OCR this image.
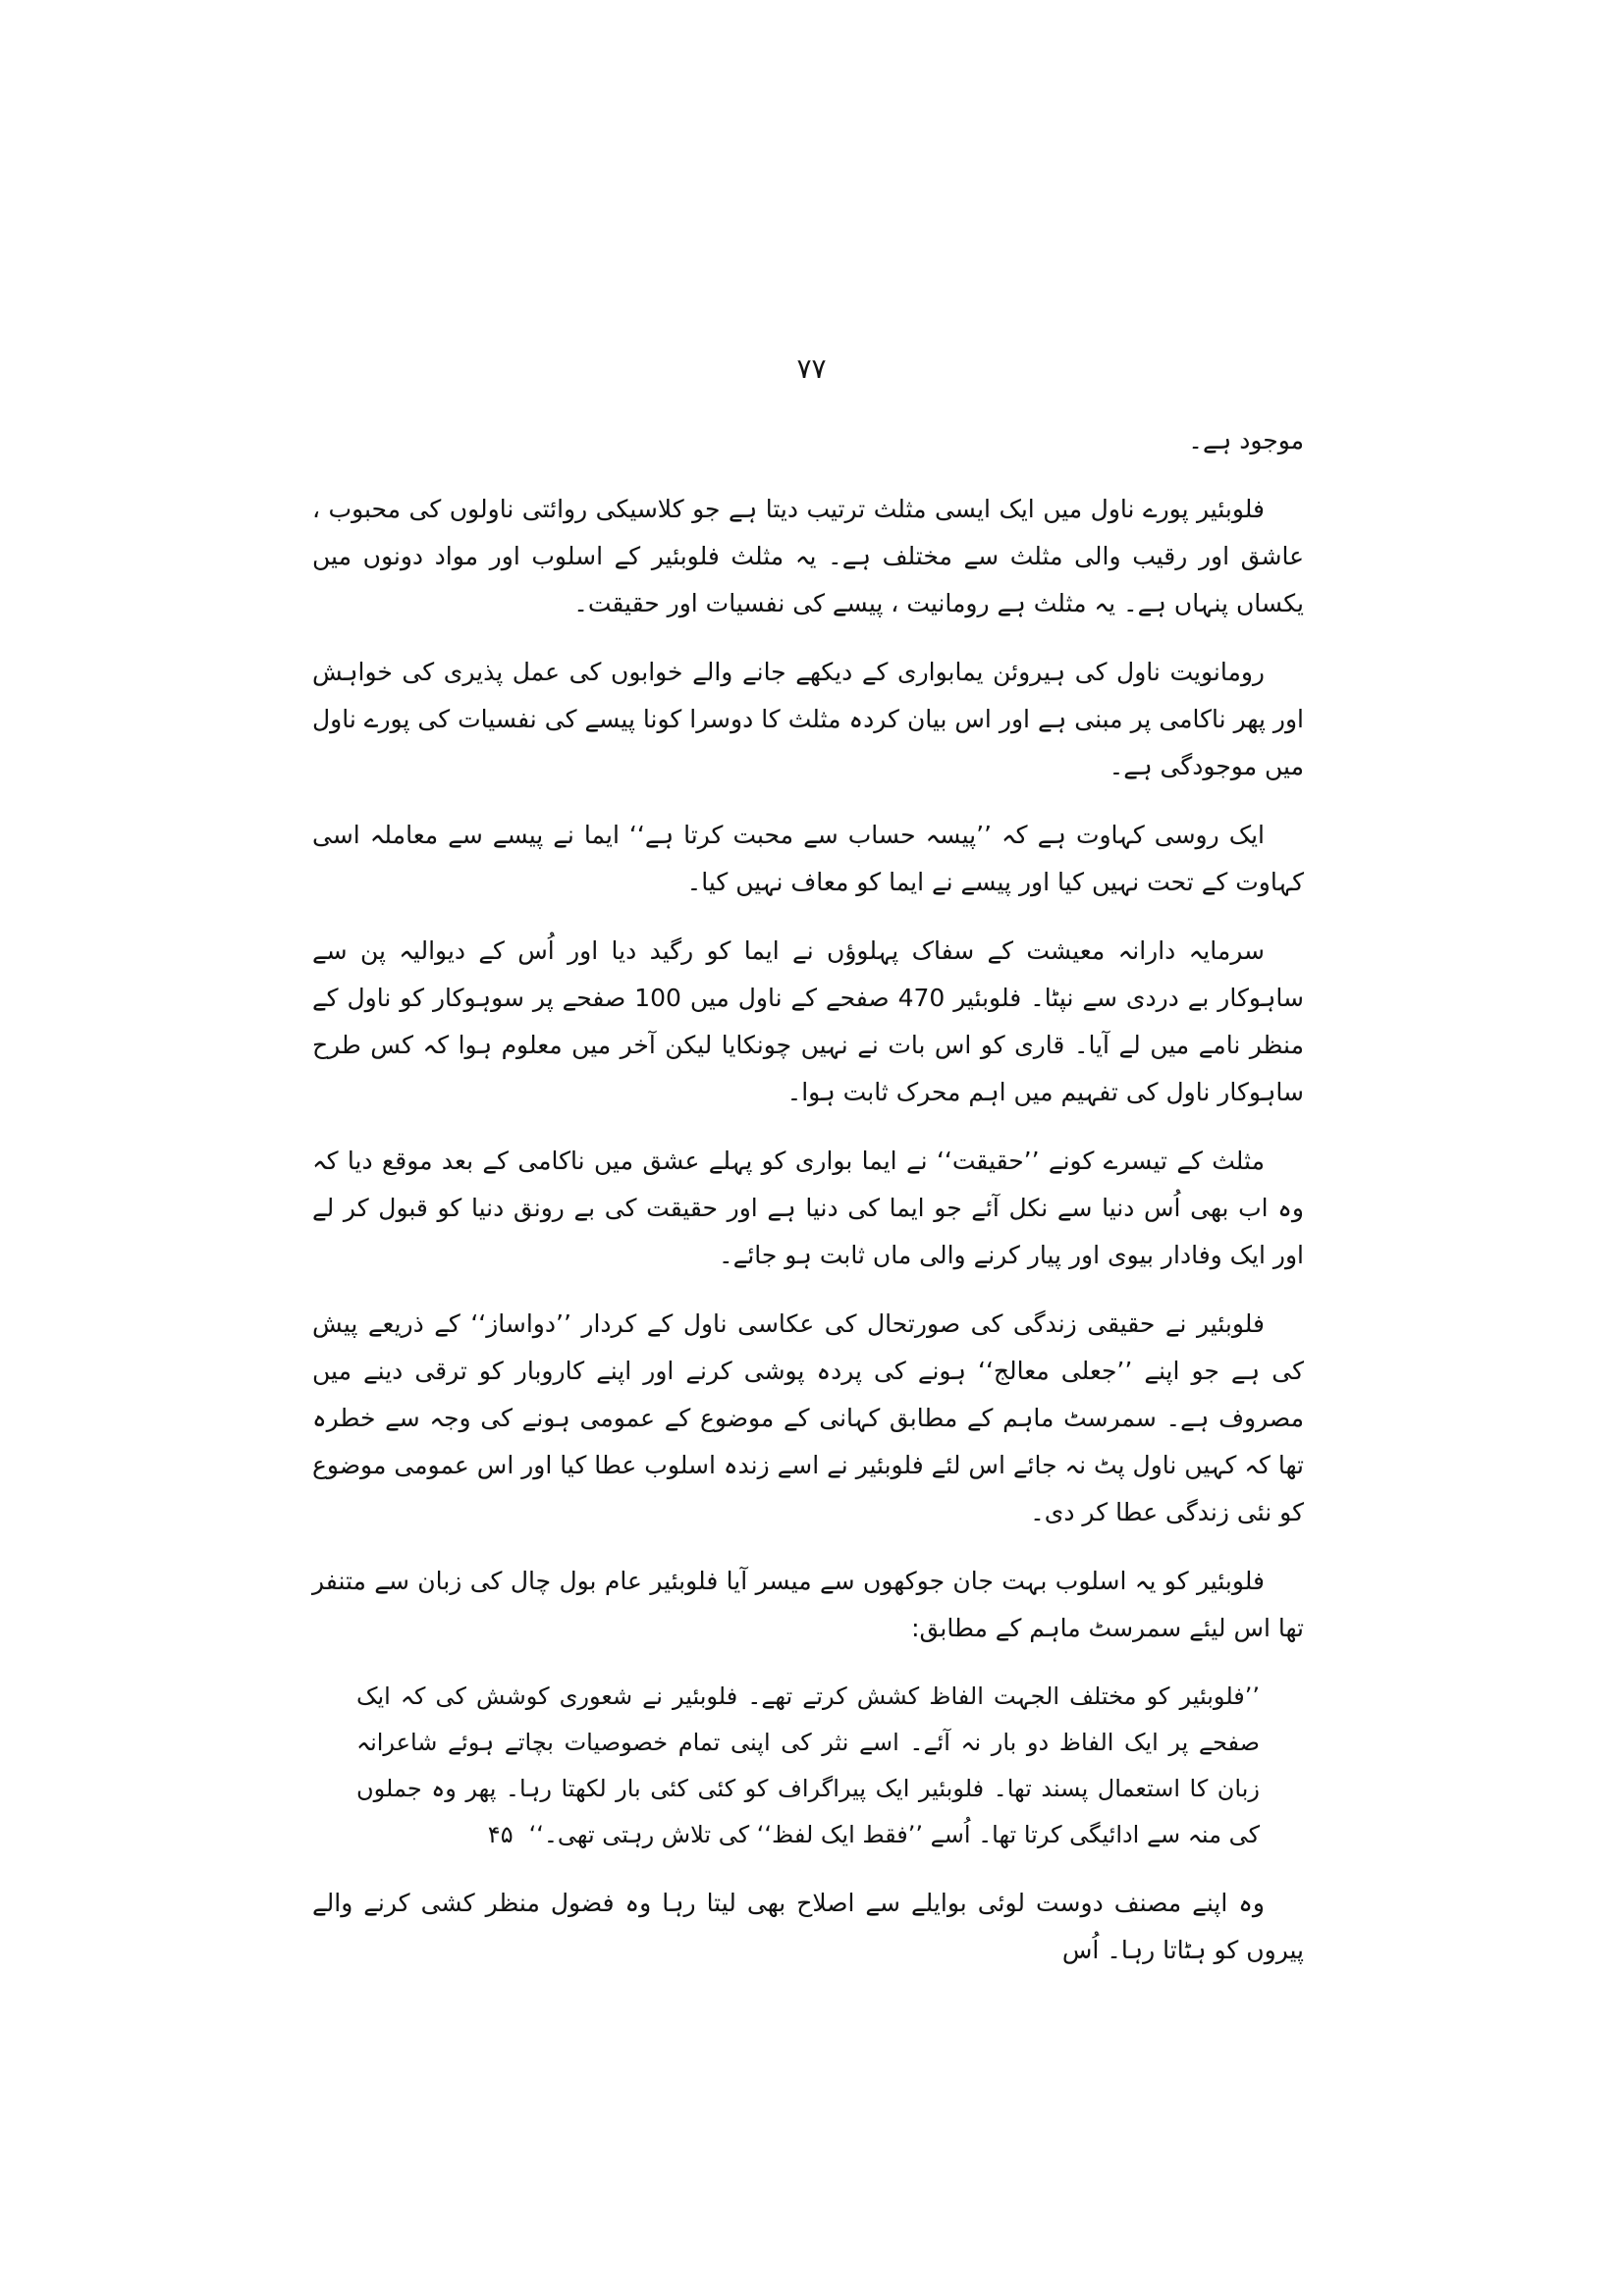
۷۷

موجود ہے۔

فلوبئیر پورے ناول میں ایک ایسی مثلث ترتیب دیتا ہے جو کلاسیکی روائتی ناولوں کی محبوب ، عاشق اور رقیب والی مثلث سے مختلف ہے۔ یہ مثلث فلوبئیر کے اسلوب اور مواد دونوں میں یکساں پنہاں ہے۔ یہ مثلث ہے رومانیت ، پیسے کی نفسیات اور حقیقت۔

رومانویت ناول کی ہیروئن یمابواری کے دیکھے جانے والے خوابوں کی عمل پذیری کی خواہش اور پھر ناکامی پر مبنی ہے اور اس بیان کردہ مثلث کا دوسرا کونا پیسے کی نفسیات کی پورے ناول میں موجودگی ہے۔

ایک روسی کہاوت ہے کہ ’’پیسہ حساب سے محبت کرتا ہے‘‘ ایما نے پیسے سے معاملہ اسی کہاوت کے تحت نہیں کیا اور پیسے نے ایما کو معاف نہیں کیا۔

سرمایہ دارانہ معیشت کے سفاک پہلوؤں نے ایما کو رگید دیا اور اُس کے دیوالیہ پن سے ساہوکار بے دردی سے نپٹا۔ فلوبئیر 470 صفحے کے ناول میں 100 صفحے پر سوہوکار کو ناول کے منظر نامے میں لے آیا۔ قاری کو اس بات نے نہیں چونکایا لیکن آخر میں معلوم ہوا کہ کس طرح ساہوکار ناول کی تفہیم میں اہم محرک ثابت ہوا۔

مثلث کے تیسرے کونے ’’حقیقت‘‘ نے ایما بواری کو پہلے عشق میں ناکامی کے بعد موقع دیا کہ وہ اب بھی اُس دنیا سے نکل آئے جو ایما کی دنیا ہے اور حقیقت کی بے رونق دنیا کو قبول کر لے اور ایک وفادار بیوی اور پیار کرنے والی ماں ثابت ہو جائے۔

فلوبئیر نے حقیقی زندگی کی صورتحال کی عکاسی ناول کے کردار ’’دواساز‘‘ کے ذریعے پیش کی ہے جو اپنے ’’جعلی معالج‘‘ ہونے کی پردہ پوشی کرنے اور اپنے کاروبار کو ترقی دینے میں مصروف ہے۔ سمرسٹ ماہم کے مطابق کہانی کے موضوع کے عمومی ہونے کی وجہ سے خطرہ تھا کہ کہیں ناول پٹ نہ جائے اس لئے فلوبئیر نے اسے زندہ اسلوب عطا کیا اور اس عمومی موضوع کو نئی زندگی عطا کر دی۔

فلوبئیر کو یہ اسلوب بہت جان جوکھوں سے میسر آیا فلوبئیر عام بول چال کی زبان سے متنفر تھا اس لیئے سمرسٹ ماہم کے مطابق:

’’فلوبئیر کو مختلف الجہت الفاظ کشش کرتے تھے۔ فلوبئیر نے شعوری کوشش کی کہ ایک صفحے پر ایک الفاظ دو بار نہ آئے۔ اسے نثر کی اپنی تمام خصوصیات بچاتے ہوئے شاعرانہ زبان کا استعمال پسند تھا۔ فلوبئیر ایک پیراگراف کو کئی کئی بار لکھتا رہا۔ پھر وہ جملوں کی منہ سے ادائیگی کرتا تھا۔ اُسے ’’فقط ایک لفظ‘‘ کی تلاش رہتی تھی۔‘‘۴۵

وہ اپنے مصنف دوست لوئی بوایلے سے اصلاح بھی لیتا رہا وہ فضول منظر کشی کرنے والے پیروں کو ہٹاتا رہا۔ اُس
